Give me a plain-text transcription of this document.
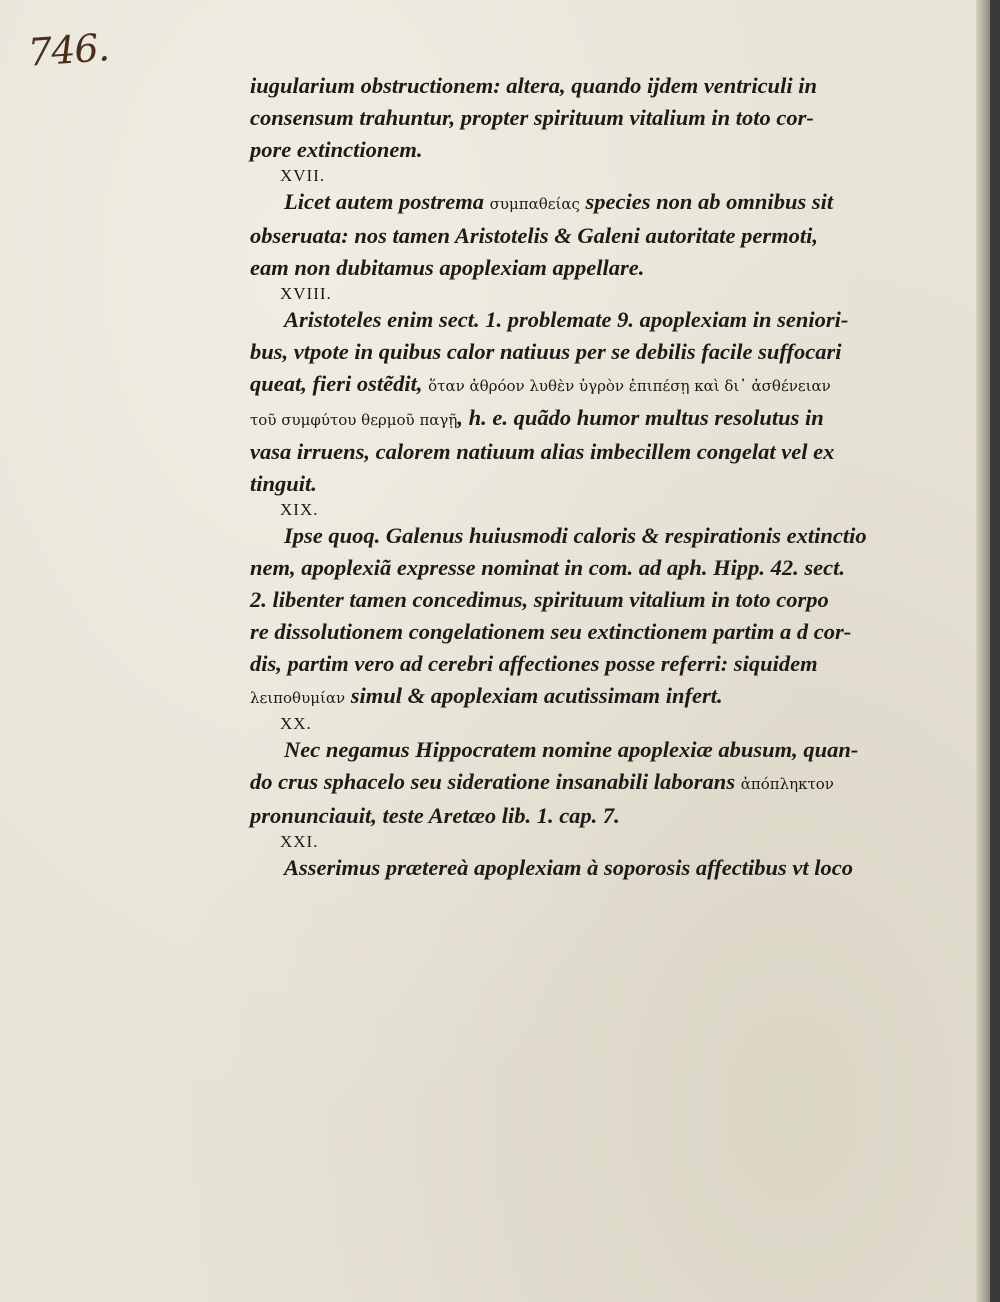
746.

iugularium obstructionem: altera, quando ijdem ventriculi in

consensum trahuntur, propter spirituum vitalium in toto cor-

pore extinctionem.

XVII.

Licet autem postrema συμπαθείας species non ab omnibus sit

obseruata: nos tamen Aristotelis & Galeni autoritate permoti,

eam non dubitamus apoplexiam appellare.

XVIII.

Aristoteles enim sect. 1. problemate 9. apoplexiam in seniori-

bus, vtpote in quibus calor natiuus per se debilis facile suffocari

queat, fieri ostẽdit, ὅταν ἀθρόον λυθὲν ὑγρὸν ἐπιπέσῃ καὶ δι᾽ ἀσθένειαν

τοῦ συμφύτου θερμοῦ παγῇ, h. e. quãdo humor multus resolutus in

vasa irruens, calorem natiuum alias imbecillem congelat vel ex

tinguit.

XIX.

Ipse quoq. Galenus huiusmodi caloris & respirationis extinctio

nem, apoplexiã expresse nominat in com. ad aph. Hipp. 42. sect.

2. libenter tamen concedimus, spirituum vitalium in toto corpo

re dissolutionem congelationem seu extinctionem partim a d cor-

dis, partim vero ad cerebri affectiones posse referri: siquidem

λειποθυμίαν simul & apoplexiam acutissimam infert.

XX.

Nec negamus Hippocratem nomine apoplexiæ abusum, quan-

do crus sphacelo seu sideratione insanabili laborans ἀπόπληκτον

pronunciauit, teste Aretæo lib. 1. cap. 7.

XXI.

Asserimus prætereà apoplexiam à soporosis affectibus vt loco
